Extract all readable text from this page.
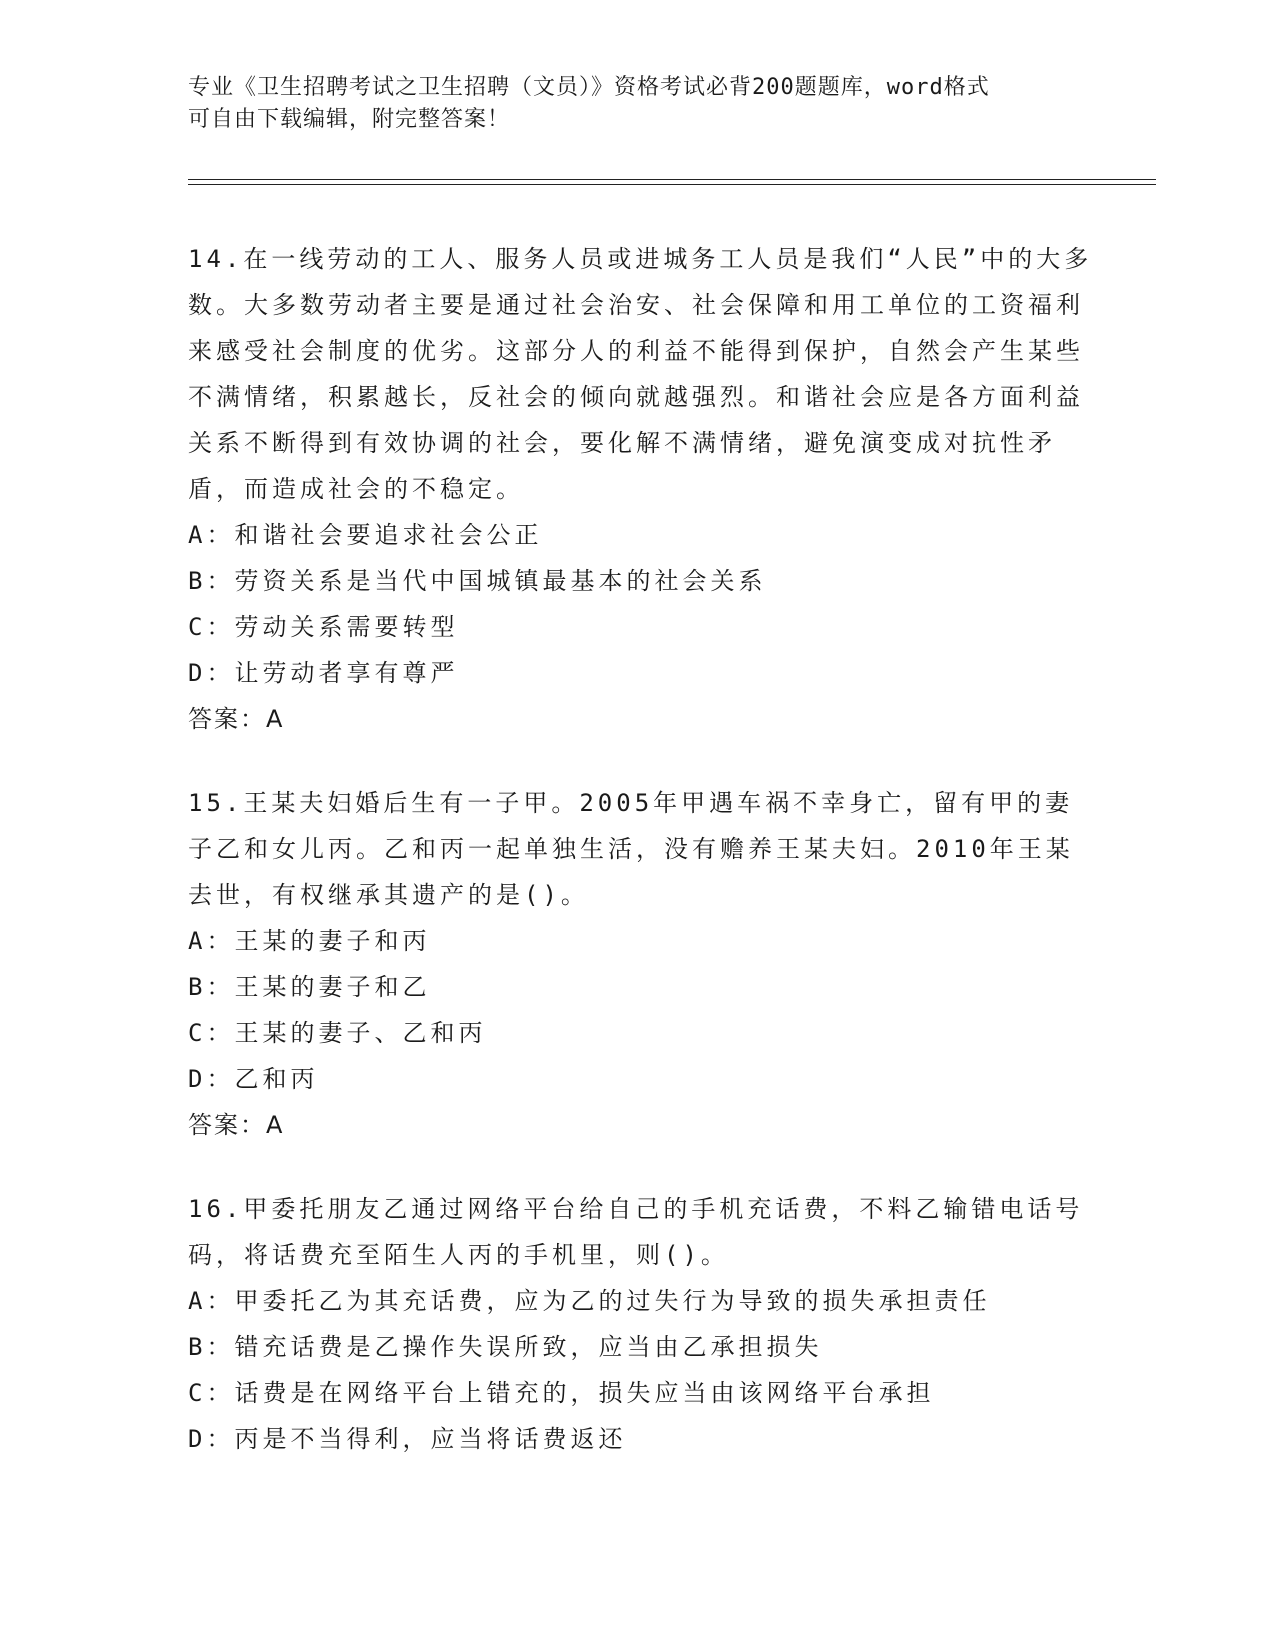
专业《卫生招聘考试之卫生招聘（文员）》资格考试必背200题题库，word格式
可自由下载编辑，附完整答案！

14.在一线劳动的工人、服务人员或进城务工人员是我们“人民”中的大多数。大多数劳动者主要是通过社会治安、社会保障和用工单位的工资福利来感受社会制度的优劣。这部分人的利益不能得到保护，自然会产生某些不满情绪，积累越长，反社会的倾向就越强烈。和谐社会应是各方面利益关系不断得到有效协调的社会，要化解不满情绪，避免演变成对抗性矛盾，而造成社会的不稳定。

A：和谐社会要追求社会公正

B：劳资关系是当代中国城镇最基本的社会关系

C：劳动关系需要转型

D：让劳动者享有尊严

答案：A

15.王某夫妇婚后生有一子甲。2005年甲遇车祸不幸身亡，留有甲的妻子乙和女儿丙。乙和丙一起单独生活，没有赡养王某夫妇。2010年王某去世，有权继承其遗产的是()。

A：王某的妻子和丙

B：王某的妻子和乙

C：王某的妻子、乙和丙

D：乙和丙

答案：A

16.甲委托朋友乙通过网络平台给自己的手机充话费，不料乙输错电话号码，将话费充至陌生人丙的手机里，则()。

A：甲委托乙为其充话费，应为乙的过失行为导致的损失承担责任

B：错充话费是乙操作失误所致，应当由乙承担损失

C：话费是在网络平台上错充的，损失应当由该网络平台承担

D：丙是不当得利，应当将话费返还
